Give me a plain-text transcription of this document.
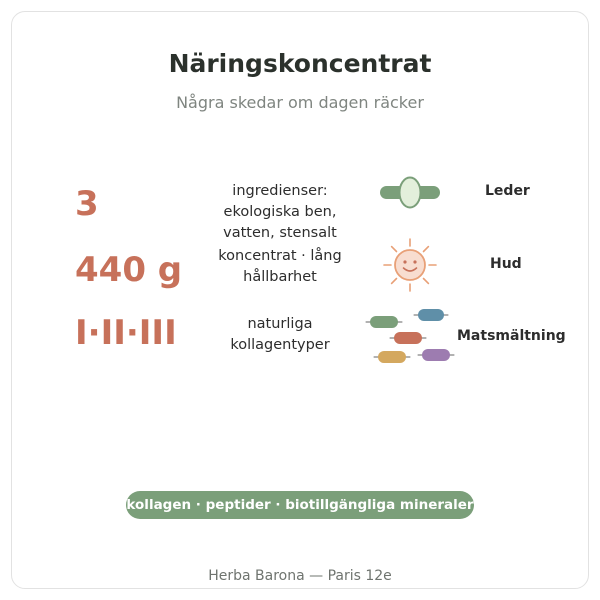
Näringskoncentrat
Några skedar om dagen räcker
3
440 g
I·II·III
ingredienser:
ekologiska ben,
vatten, stensalt
koncentrat · lång
hållbarhet
naturliga
kollagentyper
Leder
Hud
Matsmältning
kollagen · peptider · biotillgängliga mineraler
Herba Barona — Paris 12e
